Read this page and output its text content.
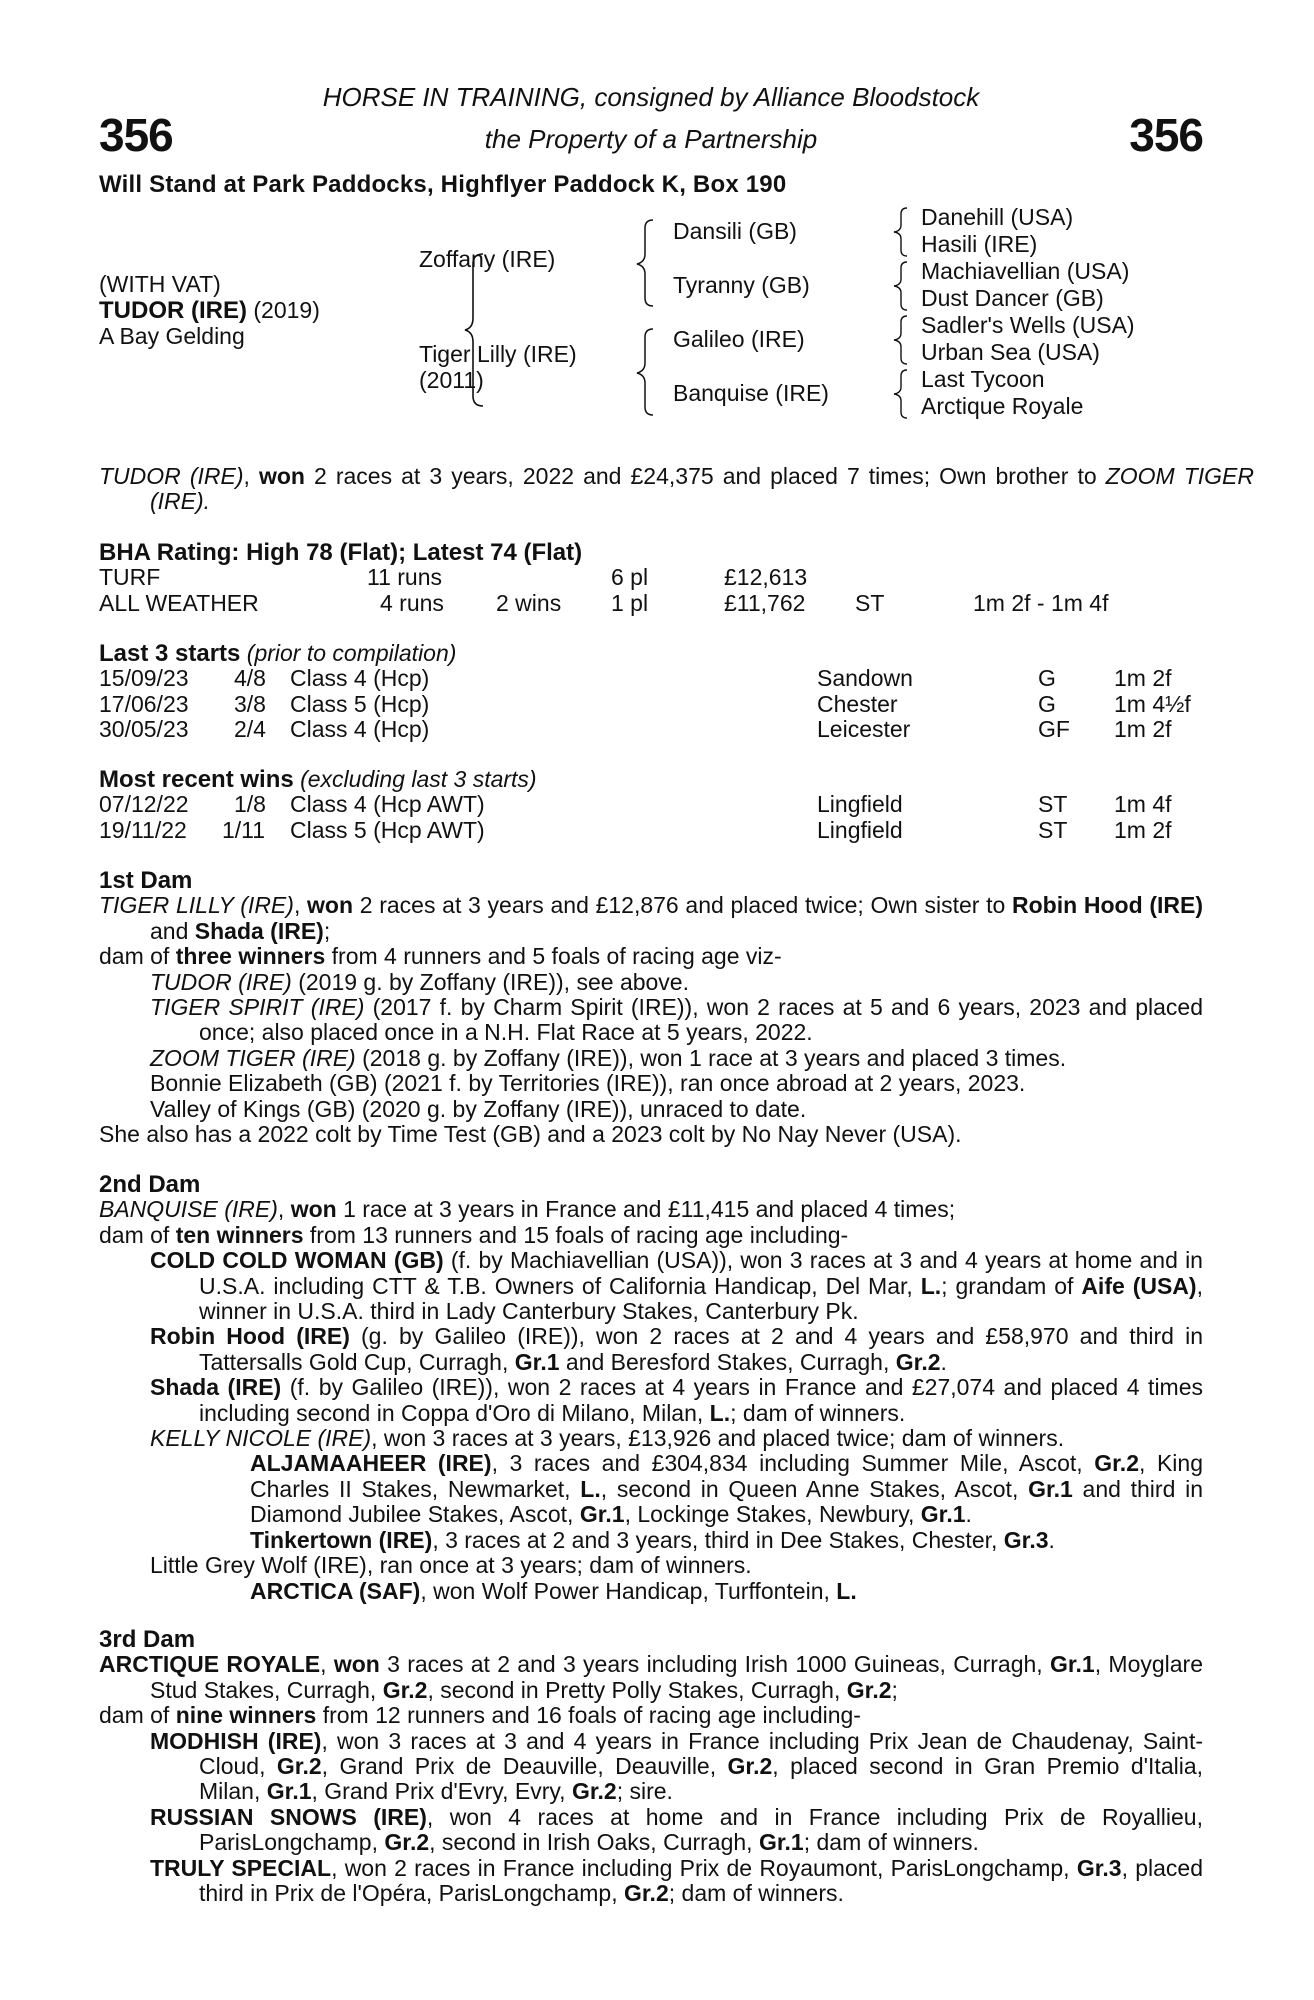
356	356
HORSE IN TRAINING, consigned by Alliance Bloodstock
the Property of a Partnership
Will Stand at Park Paddocks, Highflyer Paddock K, Box 190
(WITH VAT)
TUDOR (IRE) (2019)
A Bay Gelding
Zoffany (IRE)
Tiger Lilly (IRE)
(2011)
Dansili (GB)
Tyranny (GB)
Galileo (IRE)
Banquise (IRE)
Danehill (USA)
Hasili (IRE)
Machiavellian (USA)
Dust Dancer (GB)
Sadler's Wells (USA)
Urban Sea (USA)
Last Tycoon
Arctique Royale
TUDOR (IRE), won 2 races at 3 years, 2022 and £24,375 and placed 7 times; Own brother to ZOOM TIGER (IRE).
BHA Rating: High 78 (Flat); Latest 74 (Flat)
TURF	11 runs	6 pl	£12,613
ALL WEATHER	4 runs 2 wins 1 pl	£11,762 ST	1m 2f - 1m 4f
Last 3 starts (prior to compilation)
15/09/23 4/8 Class 4 (Hcp)	Sandown	G	1m 2f
17/06/23 3/8 Class 5 (Hcp)	Chester	G	1m 4½f
30/05/23 2/4 Class 4 (Hcp)	Leicester	GF 1m 2f
Most recent wins (excluding last 3 starts)
07/12/22 1/8 Class 4 (Hcp AWT)	Lingfield	ST 1m 4f
19/11/22 1/11 Class 5 (Hcp AWT)	Lingfield	ST 1m 2f
1st Dam

TIGER LILLY (IRE), won 2 races at 3 years and £12,876 and placed twice; Own sister to Robin Hood (IRE) and Shada (IRE);

dam of three winners from 4 runners and 5 foals of racing age viz-

TUDOR (IRE) (2019 g. by Zoffany (IRE)), see above.

TIGER SPIRIT (IRE) (2017 f. by Charm Spirit (IRE)), won 2 races at 5 and 6 years, 2023 and placed once; also placed once in a N.H. Flat Race at 5 years, 2022.

ZOOM TIGER (IRE) (2018 g. by Zoffany (IRE)), won 1 race at 3 years and placed 3 times.

Bonnie Elizabeth (GB) (2021 f. by Territories (IRE)), ran once abroad at 2 years, 2023.

Valley of Kings (GB) (2020 g. by Zoffany (IRE)), unraced to date.

She also has a 2022 colt by Time Test (GB) and a 2023 colt by No Nay Never (USA).

2nd Dam

BANQUISE (IRE), won 1 race at 3 years in France and £11,415 and placed 4 times;

dam of ten winners from 13 runners and 15 foals of racing age including-

COLD COLD WOMAN (GB) (f. by Machiavellian (USA)), won 3 races at 3 and 4 years at home and in U.S.A. including CTT & T.B. Owners of California Handicap, Del Mar, L.; grandam of Aife (USA), winner in U.S.A. third in Lady Canterbury Stakes, Canterbury Pk.

Robin Hood (IRE) (g. by Galileo (IRE)), won 2 races at 2 and 4 years and £58,970 and third in Tattersalls Gold Cup, Curragh, Gr.1 and Beresford Stakes, Curragh, Gr.2.

Shada (IRE) (f. by Galileo (IRE)), won 2 races at 4 years in France and £27,074 and placed 4 times including second in Coppa d'Oro di Milano, Milan, L.; dam of winners.

KELLY NICOLE (IRE), won 3 races at 3 years, £13,926 and placed twice; dam of winners.

ALJAMAAHEER (IRE), 3 races and £304,834 including Summer Mile, Ascot, Gr.2, King Charles II Stakes, Newmarket, L., second in Queen Anne Stakes, Ascot, Gr.1 and third in Diamond Jubilee Stakes, Ascot, Gr.1, Lockinge Stakes, Newbury, Gr.1.

Tinkertown (IRE), 3 races at 2 and 3 years, third in Dee Stakes, Chester, Gr.3.

Little Grey Wolf (IRE), ran once at 3 years; dam of winners.

ARCTICA (SAF), won Wolf Power Handicap, Turffontein, L.

3rd Dam

ARCTIQUE ROYALE, won 3 races at 2 and 3 years including Irish 1000 Guineas, Curragh, Gr.1, Moyglare Stud Stakes, Curragh, Gr.2, second in Pretty Polly Stakes, Curragh, Gr.2;

dam of nine winners from 12 runners and 16 foals of racing age including-

MODHISH (IRE), won 3 races at 3 and 4 years in France including Prix Jean de Chaudenay, Saint-Cloud, Gr.2, Grand Prix de Deauville, Deauville, Gr.2, placed second in Gran Premio d'Italia, Milan, Gr.1, Grand Prix d'Evry, Evry, Gr.2; sire.

RUSSIAN SNOWS (IRE), won 4 races at home and in France including Prix de Royallieu, ParisLongchamp, Gr.2, second in Irish Oaks, Curragh, Gr.1; dam of winners.

TRULY SPECIAL, won 2 races in France including Prix de Royaumont, ParisLongchamp, Gr.3, placed third in Prix de l'Opéra, ParisLongchamp, Gr.2; dam of winners.
